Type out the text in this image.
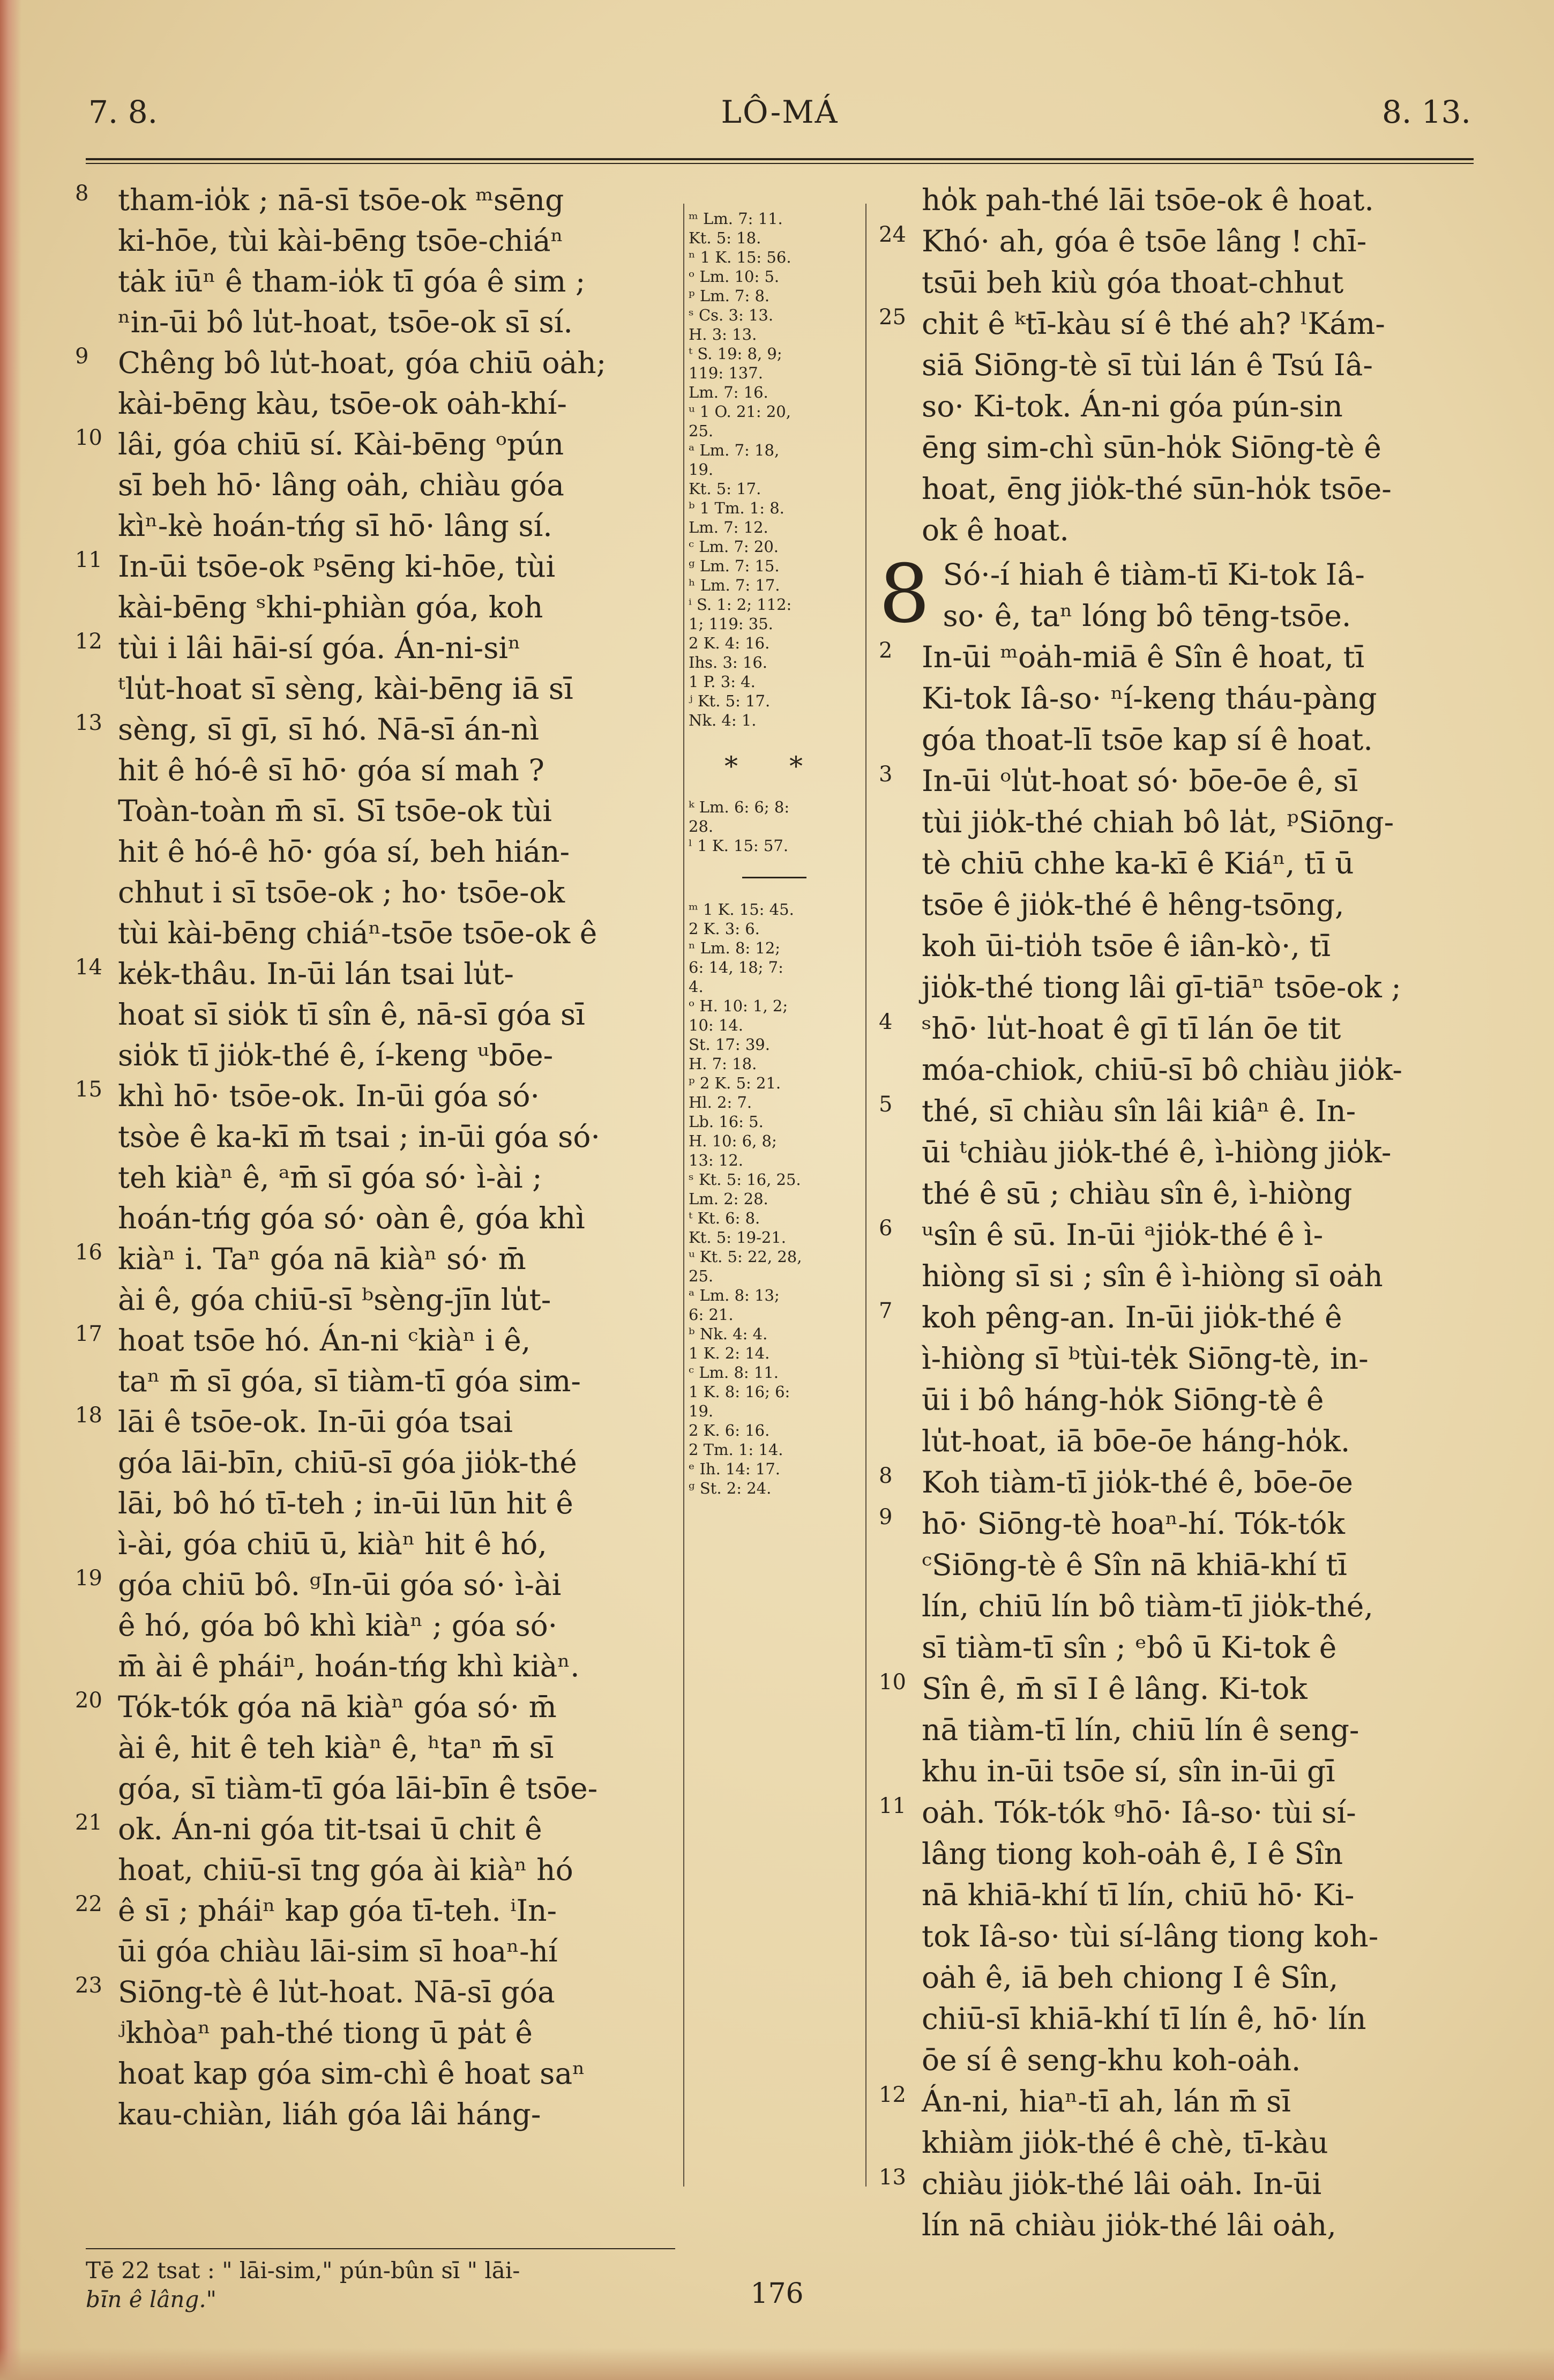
7. 8.	LÔ-MÁ	8. 13.
8 tham-io̍k ; nā-sī tsōe-ok ᵐsēng
ki-hōe, tùi kài-bēng tsōe-chiáⁿ
tȧk iūⁿ ê tham-io̍k tī góa ê sim ;
ⁿin-ūi bô lu̍t-hoat, tsōe-ok sī sí.
9 Chêng bô lu̍t-hoat, góa chiū oȧh;
kài-bēng kàu, tsōe-ok oȧh-khí-
10 lâi, góa chiū sí. Kài-bēng ᵒpún
sī beh hō· lâng oȧh, chiàu góa
kìⁿ-kè hoán-tńg sī hō· lâng sí.
11 In-ūi tsōe-ok ᵖsēng ki-hōe, tùi
kài-bēng ˢkhi-phiàn góa, koh
12 tùi i lâi hāi-sí góa. Án-ni-siⁿ
ᵗlu̍t-hoat sī sèng, kài-bēng iā sī
13 sèng, sī gī, sī hó. Nā-sī án-nì
hit ê hó-ê sī hō· góa sí mah ?
Toàn-toàn m̄ sī. Sī tsōe-ok tùi
hit ê hó-ê hō· góa sí, beh hián-
chhut i sī tsōe-ok ; ho· tsōe-ok
tùi kài-bēng chiáⁿ-tsōe tsōe-ok ê
14 ke̍k-thâu. In-ūi lán tsai lu̍t-
hoat sī sio̍k tī sîn ê, nā-sī góa sī
sio̍k tī jio̍k-thé ê, í-keng ᵘbōe-
15 khì hō· tsōe-ok. In-ūi góa só·
tsòe ê ka-kī m̄ tsai ; in-ūi góa só·
teh kiàⁿ ê, ᵃm̄ sī góa só· ì-ài ;
hoán-tńg góa só· oàn ê, góa khì
16 kiàⁿ i. Taⁿ góa nā kiàⁿ só· m̄
ài ê, góa chiū-sī ᵇsèng-jīn lu̍t-
17 hoat tsōe hó. Án-ni ᶜkiàⁿ i ê,
taⁿ m̄ sī góa, sī tiàm-tī góa sim-
18 lāi ê tsōe-ok. In-ūi góa tsai
góa lāi-bīn, chiū-sī góa jio̍k-thé
lāi, bô hó tī-teh ; in-ūi lūn hit ê
ì-ài, góa chiū ū, kiàⁿ hit ê hó,
19 góa chiū bô. ᵍIn-ūi góa só· ì-ài
ê hó, góa bô khì kiàⁿ ; góa só·
m̄ ài ê pháiⁿ, hoán-tńg khì kiàⁿ.
20 Tók-tók góa nā kiàⁿ góa só· m̄
ài ê, hit ê teh kiàⁿ ê, ʰtaⁿ m̄ sī
góa, sī tiàm-tī góa lāi-bīn ê tsōe-
21 ok. Án-ni góa tit-tsai ū chit ê
hoat, chiū-sī tng góa ài kiàⁿ hó
22 ê sī ; pháiⁿ kap góa tī-teh. ⁱIn-
ūi góa chiàu lāi-sim sī hoaⁿ-hí
23 Siōng-tè ê lu̍t-hoat. Nā-sī góa
ʲkhòaⁿ pah-thé tiong ū pa̍t ê
hoat kap góa sim-chì ê hoat saⁿ
kau-chiàn, liáh góa lâi háng-
ᵐ Lm. 7: 11.
Kt. 5: 18.
ⁿ 1 K. 15: 56.
ᵒ Lm. 10: 5.
ᵖ Lm. 7: 8.
ˢ Cs. 3: 13.
H. 3: 13.
ᵗ S. 19: 8, 9;
119: 137.
Lm. 7: 16.
ᵘ 1 O. 21: 20,
25.
ᵃ Lm. 7: 18,
19.
Kt. 5: 17.
ᵇ 1 Tm. 1: 8.
Lm. 7: 12.
ᶜ Lm. 7: 20.
ᵍ Lm. 7: 15.
ʰ Lm. 7: 17.
ⁱ S. 1: 2; 112:
1; 119: 35.
2 K. 4: 16.
Ihs. 3: 16.
1 P. 3: 4.
ʲ Kt. 5: 17.
Nk. 4: 1.
* *
ᵏ Lm. 6: 6; 8:
28.
ˡ 1 K. 15: 57.
ᵐ 1 K. 15: 45.
2 K. 3: 6.
ⁿ Lm. 8: 12;
6: 14, 18; 7:
4.
ᵒ H. 10: 1, 2;
10: 14.
St. 17: 39.
H. 7: 18.
ᵖ 2 K. 5: 21.
Hl. 2: 7.
Lb. 16: 5.
H. 10: 6, 8;
13: 12.
ˢ Kt. 5: 16, 25.
Lm. 2: 28.
ᵗ Kt. 6: 8.
Kt. 5: 19-21.
ᵘ Kt. 5: 22, 28,
25.
ᵃ Lm. 8: 13;
6: 21.
ᵇ Nk. 4: 4.
1 K. 2: 14.
ᶜ Lm. 8: 11.
1 K. 8: 16; 6:
19.
2 K. 6: 16.
2 Tm. 1: 14.
ᵉ Ih. 14: 17.
ᵍ St. 2: 24.
ho̍k pah-thé lāi tsōe-ok ê hoat.
24 Khó· ah, góa ê tsōe lâng ! chī-
tsūi beh kiù góa thoat-chhut
25 chit ê ᵏtī-kàu sí ê thé ah? ˡKám-
siā Siōng-tè sī tùi lán ê Tsú Iâ-
so· Ki-tok. Án-ni góa pún-sin
ēng sim-chì sūn-ho̍k Siōng-tè ê
hoat, ēng jio̍k-thé sūn-ho̍k tsōe-
ok ê hoat.
8 Só·-í hiah ê tiàm-tī Ki-tok Iâ-
so· ê, taⁿ lóng bô tēng-tsōe.
2 In-ūi ᵐoȧh-miā ê Sîn ê hoat, tī
Ki-tok Iâ-so· ⁿí-keng tháu-pàng
góa thoat-lī tsōe kap sí ê hoat.
3 In-ūi ᵒlu̍t-hoat só· bōe-ōe ê, sī
tùi jio̍k-thé chiah bô la̍t, ᵖSiōng-
tè chiū chhe ka-kī ê Kiáⁿ, tī ū
tsōe ê jio̍k-thé ê hêng-tsōng,
koh ūi-tio̍h tsōe ê iân-kò·, tī
jio̍k-thé tiong lâi gī-tiāⁿ tsōe-ok ;
4 ˢhō· lu̍t-hoat ê gī tī lán ōe tit
móa-chiok, chiū-sī bô chiàu jio̍k-
5 thé, sī chiàu sîn lâi kiâⁿ ê. In-
ūi ᵗchiàu jio̍k-thé ê, ì-hiòng jio̍k-
thé ê sū ; chiàu sîn ê, ì-hiòng
6 ᵘsîn ê sū. In-ūi ᵃjio̍k-thé ê ì-
hiòng sī si ; sîn ê ì-hiòng sī oȧh
7 koh pêng-an. In-ūi jio̍k-thé ê
ì-hiòng sī ᵇtùi-te̍k Siōng-tè, in-
ūi i bô háng-ho̍k Siōng-tè ê
lu̍t-hoat, iā bōe-ōe háng-ho̍k.
8 Koh tiàm-tī jio̍k-thé ê, bōe-ōe
9 hō· Siōng-tè hoaⁿ-hí. Tók-tók
ᶜSiōng-tè ê Sîn nā khiā-khí tī
lín, chiū lín bô tiàm-tī jio̍k-thé,
sī tiàm-tī sîn ; ᵉbô ū Ki-tok ê
10 Sîn ê, m̄ sī I ê lâng. Ki-tok
nā tiàm-tī lín, chiū lín ê seng-
khu in-ūi tsōe sí, sîn in-ūi gī
11 oȧh. Tók-tók ᵍhō· Iâ-so· tùi sí-
lâng tiong koh-oȧh ê, I ê Sîn
nā khiā-khí tī lín, chiū hō· Ki-
tok Iâ-so· tùi sí-lâng tiong koh-
oȧh ê, iā beh chiong I ê Sîn,
chiū-sī khiā-khí tī lín ê, hō· lín
ōe sí ê seng-khu koh-oȧh.
12 Án-ni, hiaⁿ-tī ah, lán m̄ sī
khiàm jio̍k-thé ê chè, tī-kàu
13 chiàu jio̍k-thé lâi oȧh. In-ūi
lín nā chiàu jio̍k-thé lâi oȧh,
Tē 22 tsat : " lāi-sim," pún-bûn sī " lāi-
bīn ê lâng."	176
